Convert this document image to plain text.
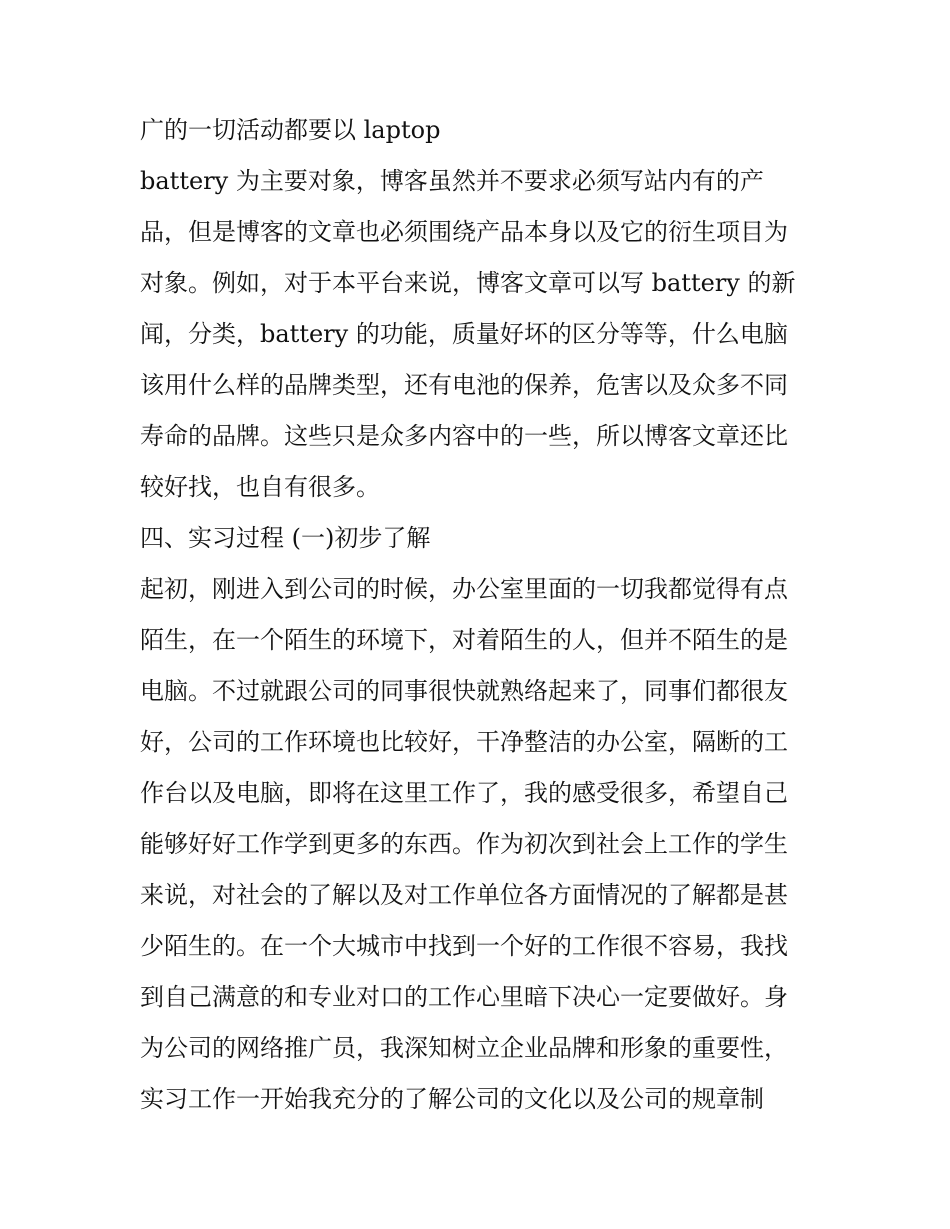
广的一切活动都要以 laptop
battery 为主要对象，博客虽然并不要求必须写站内有的产
品，但是博客的文章也必须围绕产品本身以及它的衍生项目为
对象。例如，对于本平台来说，博客文章可以写 battery 的新
闻，分类，battery 的功能，质量好坏的区分等等，什么电脑
该用什么样的品牌类型，还有电池的保养，危害以及众多不同
寿命的品牌。这些只是众多内容中的一些，所以博客文章还比
较好找，也自有很多。
四、实习过程 (一)初步了解
起初，刚进入到公司的时候，办公室里面的一切我都觉得有点
陌生，在一个陌生的环境下，对着陌生的人，但并不陌生的是
电脑。不过就跟公司的同事很快就熟络起来了，同事们都很友
好，公司的工作环境也比较好，干净整洁的办公室，隔断的工
作台以及电脑，即将在这里工作了，我的感受很多，希望自己
能够好好工作学到更多的东西。作为初次到社会上工作的学生
来说，对社会的了解以及对工作单位各方面情况的了解都是甚
少陌生的。在一个大城市中找到一个好的工作很不容易，我找
到自己满意的和专业对口的工作心里暗下决心一定要做好。身
为公司的网络推广员，我深知树立企业品牌和形象的重要性，
实习工作一开始我充分的了解公司的文化以及公司的规章制
